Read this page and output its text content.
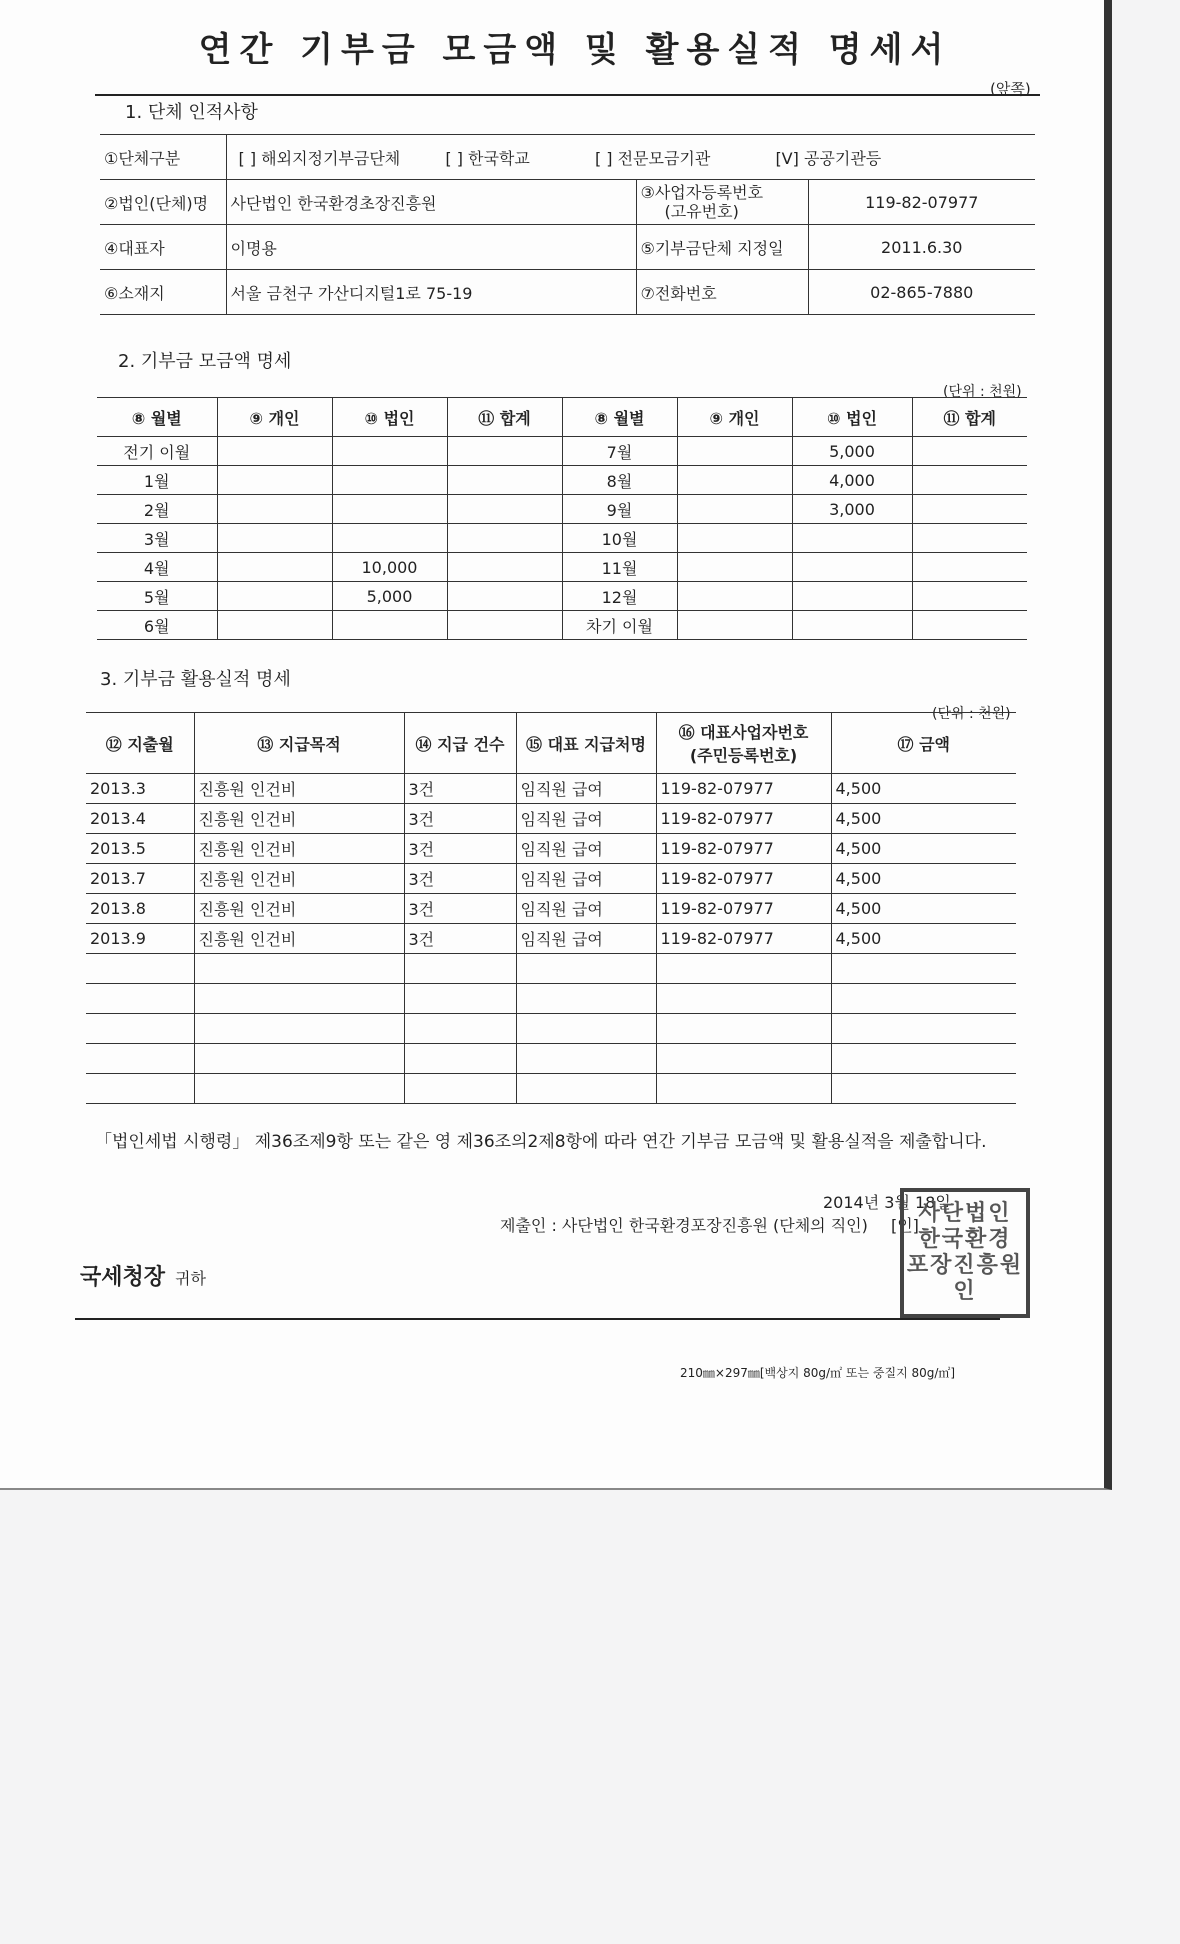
연간 기부금 모금액 및 활용실적 명세서
(앞쪽)
1. 단체 인적사항
①단체구분	[ ] 해외지정기부금단체 [ ] 한국학교 [ ] 전문모금기관 [V] 공공기관등		
②법인(단체)명	사단법인 한국환경초장진흥원	③사업자등록번호
(고유번호)	119-82-07977
④대표자	이명용	⑤기부금단체 지정일	2011.6.30
⑥소재지	서울 금천구 가산디지털1로 75-19	⑦전화번호	02-865-7880
2. 기부금 모금액 명세
(단위 : 천원)
⑧ 월별	⑨ 개인	⑩ 법인	⑪ 합계	⑧ 월별	⑨ 개인	⑩ 법인	⑪ 합계
전기 이월				7월		5,000	
1월				8월		4,000	
2월				9월		3,000	
3월				10월			
4월		10,000		11월			
5월		5,000		12월			
6월				차기 이월			
3. 기부금 활용실적 명세
(단위 : 천원)
⑫ 지출월	⑬ 지급목적	⑭ 지급 건수	⑮ 대표 지급처명	⑯ 대표사업자번호
(주민등록번호)	⑰ 금액

2013.3	진흥원 인건비	3건	임직원 급여	119-82-07977	4,500
2013.4	진흥원 인건비	3건	임직원 급여	119-82-07977	4,500
2013.5	진흥원 인건비	3건	임직원 급여	119-82-07977	4,500
2013.7	진흥원 인건비	3건	임직원 급여	119-82-07977	4,500
2013.8	진흥원 인건비	3건	임직원 급여	119-82-07977	4,500
2013.9	진흥원 인건비	3건	임직원 급여	119-82-07977	4,500

「법인세법 시행령」 제36조제9항 또는 같은 영 제36조의2제8항에 따라 연간 기부금 모금액 및 활용실적을 제출합니다.
2014년 3월 18일
제출인 : 사단법인 한국환경포장진흥원 (단체의 직인) [인] 사단법인 한국환경 포장진흥원인
국세청장 귀하
210㎜×297㎜[백상지 80g/㎡ 또는 중질지 80g/㎡]
